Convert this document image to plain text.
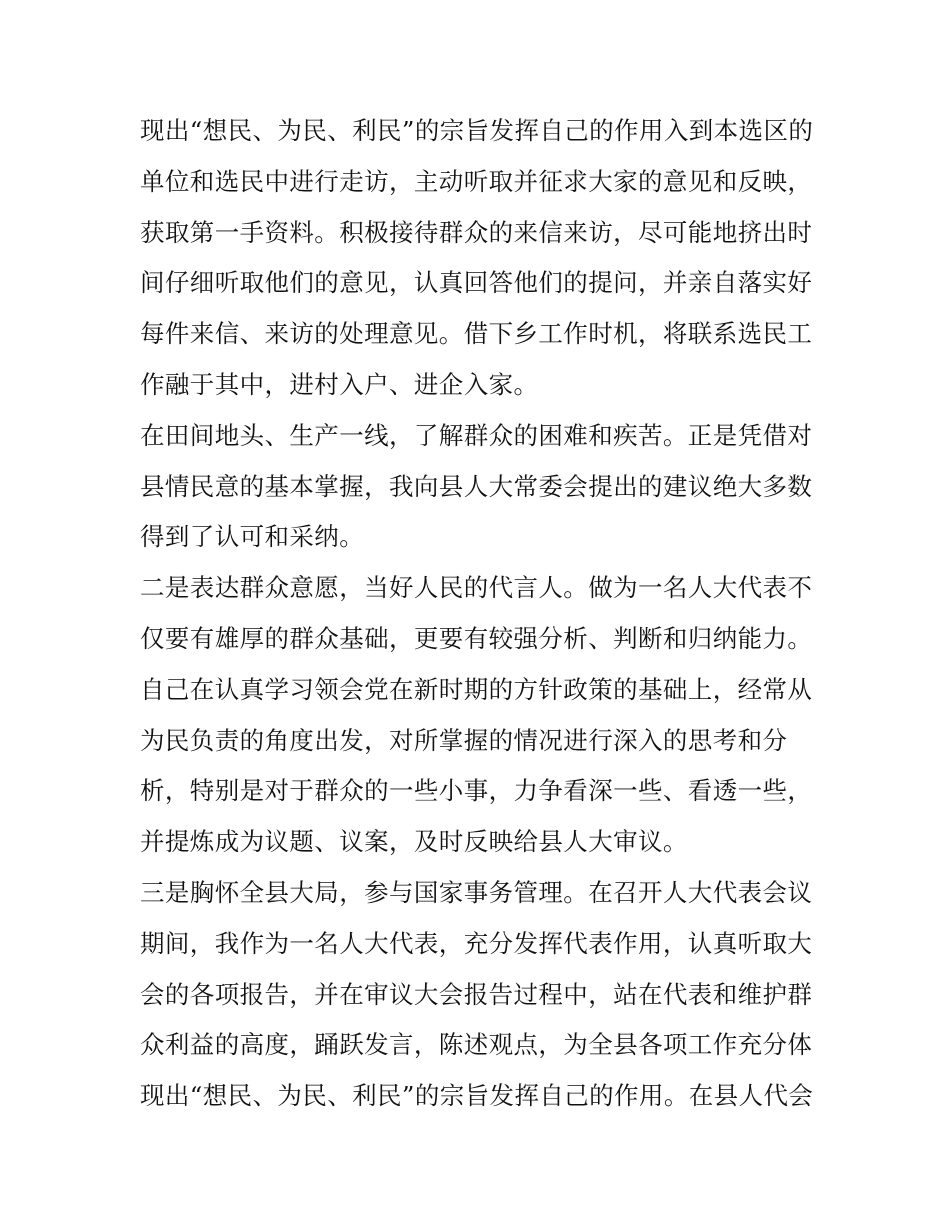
现出“想民、为民、利民”的宗旨发挥自己的作用入到本选区的
单位和选民中进行走访，主动听取并征求大家的意见和反映，
获取第一手资料。积极接待群众的来信来访，尽可能地挤出时
间仔细听取他们的意见，认真回答他们的提问，并亲自落实好
每件来信、来访的处理意见。借下乡工作时机，将联系选民工
作融于其中，进村入户、进企入家。
在田间地头、生产一线，了解群众的困难和疾苦。正是凭借对
县情民意的基本掌握，我向县人大常委会提出的建议绝大多数
得到了认可和采纳。
二是表达群众意愿，当好人民的代言人。做为一名人大代表不
仅要有雄厚的群众基础，更要有较强分析、判断和归纳能力。
自己在认真学习领会党在新时期的方针政策的基础上，经常从
为民负责的角度出发，对所掌握的情况进行深入的思考和分
析，特别是对于群众的一些小事，力争看深一些、看透一些，
并提炼成为议题、议案，及时反映给县人大审议。
三是胸怀全县大局，参与国家事务管理。在召开人大代表会议
期间，我作为一名人大代表，充分发挥代表作用，认真听取大
会的各项报告，并在审议大会报告过程中，站在代表和维护群
众利益的高度，踊跃发言，陈述观点，为全县各项工作充分体
现出“想民、为民、利民”的宗旨发挥自己的作用。在县人代会
